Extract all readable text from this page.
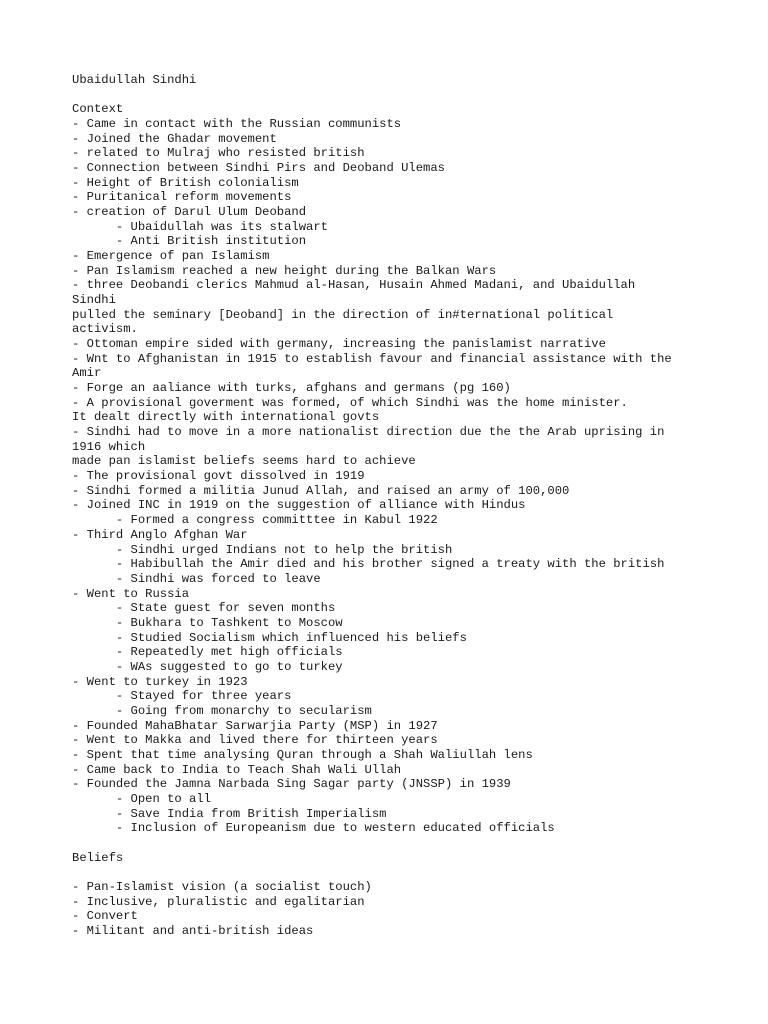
Ubaidullah Sindhi
Context
- Came in contact with the Russian communists
- Joined the Ghadar movement
- related to Mulraj who resisted british
- Connection between Sindhi Pirs and Deoband Ulemas
- Height of British colonialism
- Puritanical reform movements
- creation of Darul Ulum Deoband
- Ubaidullah was its stalwart
- Anti British institution
- Emergence of pan Islamism
- Pan Islamism reached a new height during the Balkan Wars
- three Deobandi clerics Mahmud al-Hasan, Husain Ahmed Madani, and Ubaidullah
Sindhi
pulled the seminary [Deoband] in the direction of in#ternational political
activism.
- Ottoman empire sided with germany, increasing the panislamist narrative
- Wnt to Afghanistan in 1915 to establish favour and financial assistance with the
Amir
- Forge an aaliance with turks, afghans and germans (pg 160)
- A provisional goverment was formed, of which Sindhi was the home minister.
It dealt directly with international govts
- Sindhi had to move in a more nationalist direction due the the Arab uprising in
1916 which
made pan islamist beliefs seems hard to achieve
- The provisional govt dissolved in 1919
- Sindhi formed a militia Junud Allah, and raised an army of 100,000
- Joined INC in 1919 on the suggestion of alliance with Hindus
- Formed a congress committtee in Kabul 1922
- Third Anglo Afghan War
- Sindhi urged Indians not to help the british
- Habibullah the Amir died and his brother signed a treaty with the british
- Sindhi was forced to leave
- Went to Russia
- State guest for seven months
- Bukhara to Tashkent to Moscow
- Studied Socialism which influenced his beliefs
- Repeatedly met high officials
- WAs suggested to go to turkey
- Went to turkey in 1923
- Stayed for three years
- Going from monarchy to secularism
- Founded MahaBhatar Sarwarjia Party (MSP) in 1927
- Went to Makka and lived there for thirteen years
- Spent that time analysing Quran through a Shah Waliullah lens
- Came back to India to Teach Shah Wali Ullah
- Founded the Jamna Narbada Sing Sagar party (JNSSP) in 1939
- Open to all
- Save India from British Imperialism
- Inclusion of Europeanism due to western educated officials
Beliefs
- Pan-Islamist vision (a socialist touch)
- Inclusive, pluralistic and egalitarian
- Convert
- Militant and anti-british ideas
